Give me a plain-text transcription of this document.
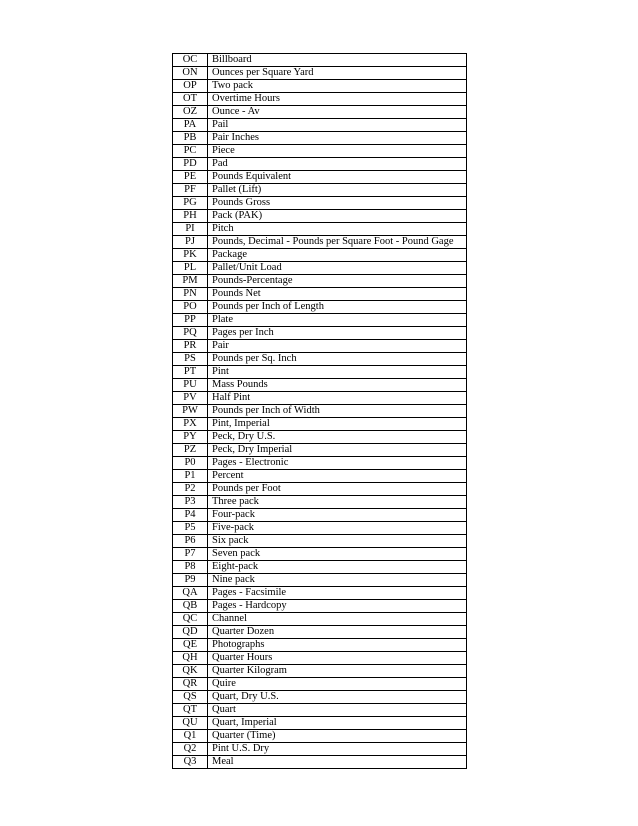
OC	Billboard
ON	Ounces per Square Yard
OP	Two pack
OT	Overtime Hours
OZ	Ounce - Av
PA	Pail
PB	Pair Inches
PC	Piece
PD	Pad
PE	Pounds Equivalent
PF	Pallet (Lift)
PG	Pounds Gross
PH	Pack (PAK)
PI	Pitch
PJ	Pounds, Decimal - Pounds per Square Foot - Pound Gage
PK	Package
PL	Pallet/Unit Load
PM	Pounds-Percentage
PN	Pounds Net
PO	Pounds per Inch of Length
PP	Plate
PQ	Pages per Inch
PR	Pair
PS	Pounds per Sq. Inch
PT	Pint
PU	Mass Pounds
PV	Half Pint
PW	Pounds per Inch of Width
PX	Pint, Imperial
PY	Peck, Dry U.S.
PZ	Peck, Dry Imperial
P0	Pages - Electronic
P1	Percent
P2	Pounds per Foot
P3	Three pack
P4	Four-pack
P5	Five-pack
P6	Six pack
P7	Seven pack
P8	Eight-pack
P9	Nine pack
QA	Pages - Facsimile
QB	Pages - Hardcopy
QC	Channel
QD	Quarter Dozen
QE	Photographs
QH	Quarter Hours
QK	Quarter Kilogram
QR	Quire
QS	Quart, Dry U.S.
QT	Quart
QU	Quart, Imperial
Q1	Quarter (Time)
Q2	Pint U.S. Dry
Q3	Meal
